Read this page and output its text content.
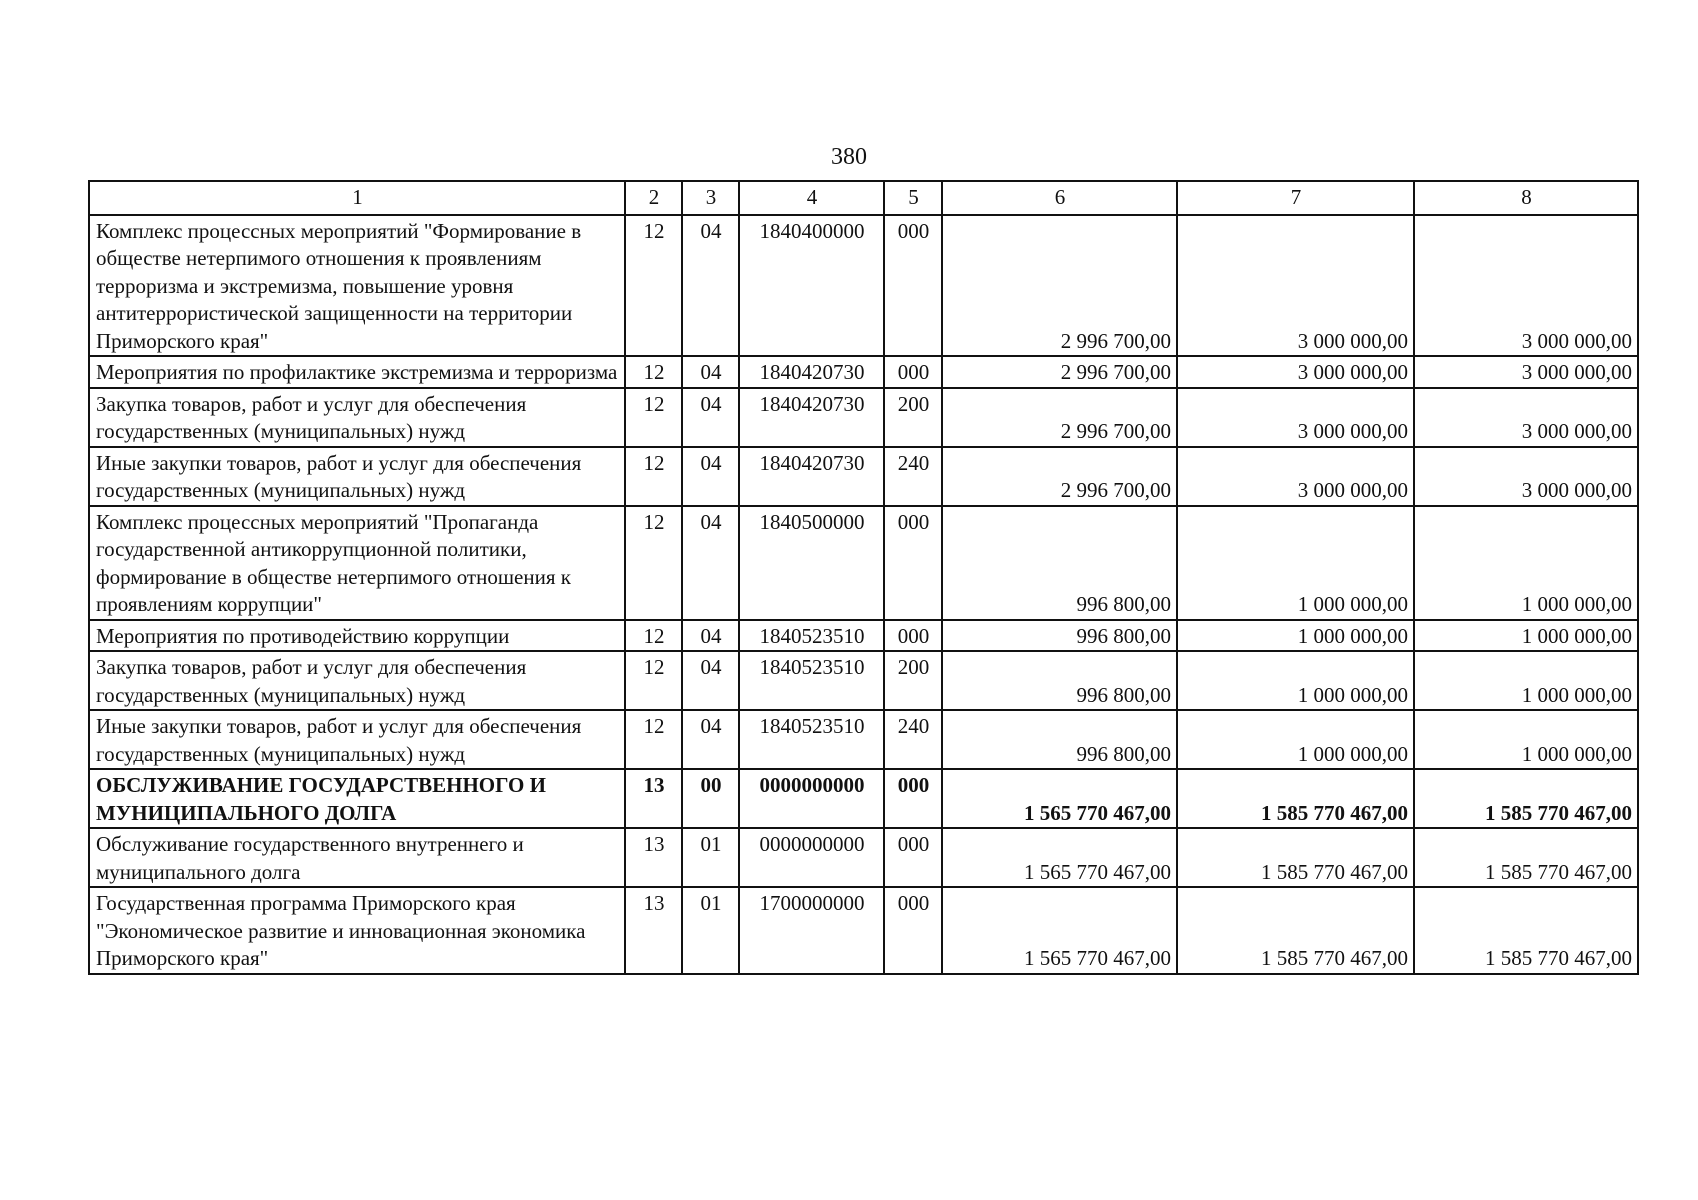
380
1	2	3	4	5	6	7	8
Комплекс процессных мероприятий "Формирование в обществе нетерпимого отношения к проявлениям терроризма и экстремизма, повышение уровня антитеррористической защищенности на территории Приморского края"	12	04	1840400000	000	2 996 700,00	3 000 000,00	3 000 000,00
Мероприятия по профилактике экстремизма и терроризма	12	04	1840420730	000	2 996 700,00	3 000 000,00	3 000 000,00
Закупка товаров, работ и услуг для обеспечения государственных (муниципальных) нужд	12	04	1840420730	200	2 996 700,00	3 000 000,00	3 000 000,00
Иные закупки товаров, работ и услуг для обеспечения государственных (муниципальных) нужд	12	04	1840420730	240	2 996 700,00	3 000 000,00	3 000 000,00
Комплекс процессных мероприятий "Пропаганда государственной антикоррупционной политики, формирование в обществе нетерпимого отношения к проявлениям коррупции"	12	04	1840500000	000	996 800,00	1 000 000,00	1 000 000,00
Мероприятия по противодействию коррупции	12	04	1840523510	000	996 800,00	1 000 000,00	1 000 000,00
Закупка товаров, работ и услуг для обеспечения государственных (муниципальных) нужд	12	04	1840523510	200	996 800,00	1 000 000,00	1 000 000,00
Иные закупки товаров, работ и услуг для обеспечения государственных (муниципальных) нужд	12	04	1840523510	240	996 800,00	1 000 000,00	1 000 000,00
ОБСЛУЖИВАНИЕ ГОСУДАРСТВЕННОГО И МУНИЦИПАЛЬНОГО ДОЛГА	13	00	0000000000	000	1 565 770 467,00	1 585 770 467,00	1 585 770 467,00
Обслуживание государственного внутреннего и муниципального долга	13	01	0000000000	000	1 565 770 467,00	1 585 770 467,00	1 585 770 467,00
Государственная программа Приморского края "Экономическое развитие и инновационная экономика Приморского края"	13	01	1700000000	000	1 565 770 467,00	1 585 770 467,00	1 585 770 467,00
